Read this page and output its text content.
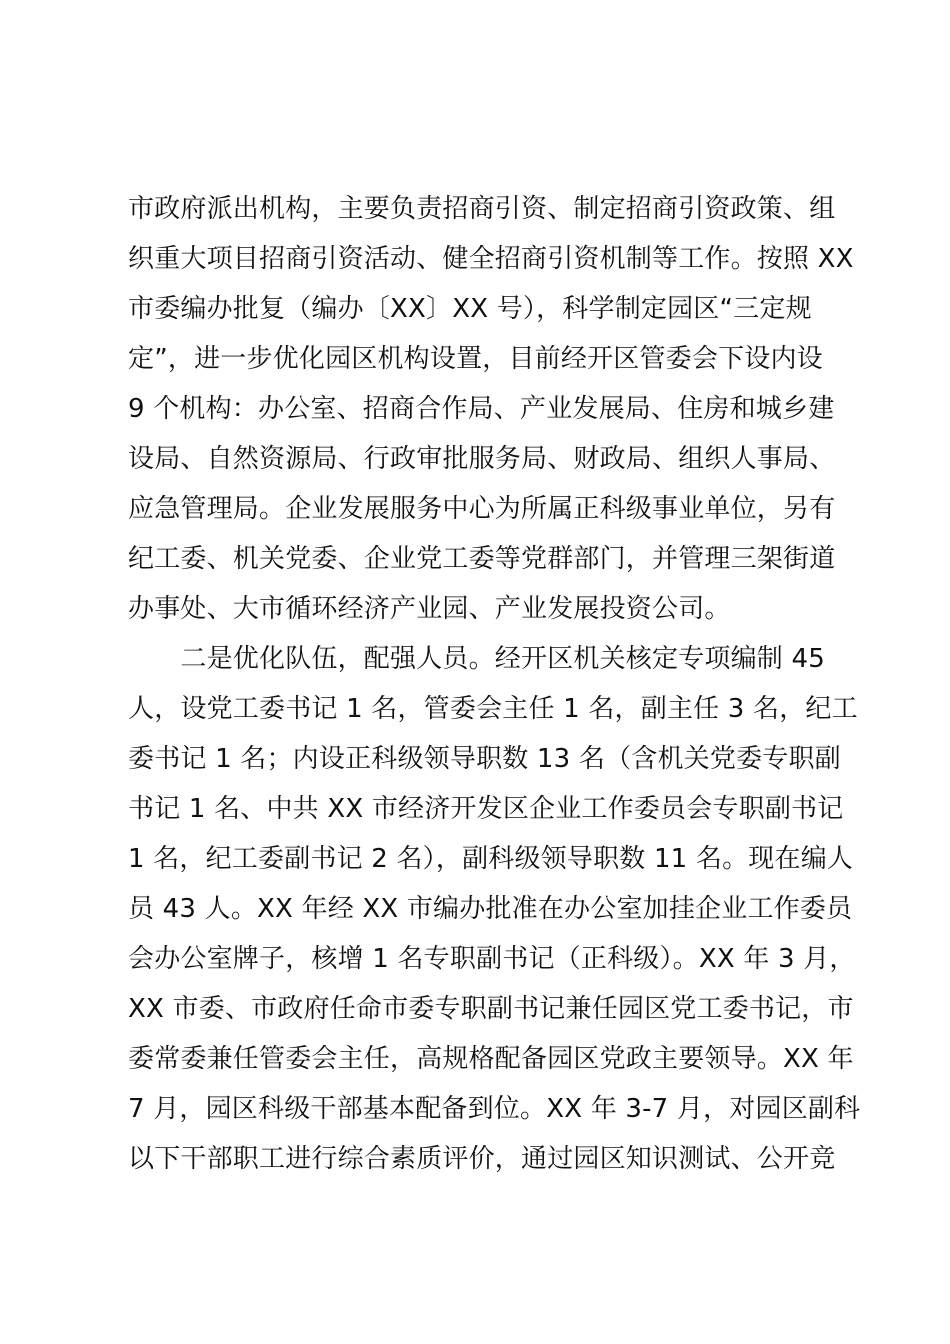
市政府派出机构，主要负责招商引资、制定招商引资政策、组
织重大项目招商引资活动、健全招商引资机制等工作。按照 XX
市委编办批复（编办〔XX〕XX 号），科学制定园区“三定规
定”，进一步优化园区机构设置，目前经开区管委会下设内设
9 个机构：办公室、招商合作局、产业发展局、住房和城乡建
设局、自然资源局、行政审批服务局、财政局、组织人事局、
应急管理局。企业发展服务中心为所属正科级事业单位，另有
纪工委、机关党委、企业党工委等党群部门，并管理三架街道
办事处、大市循环经济产业园、产业发展投资公司。
　　二是优化队伍，配强人员。经开区机关核定专项编制 45
人，设党工委书记 1 名，管委会主任 1 名，副主任 3 名，纪工
委书记 1 名；内设正科级领导职数 13 名（含机关党委专职副
书记 1 名、中共 XX 市经济开发区企业工作委员会专职副书记
1 名，纪工委副书记 2 名），副科级领导职数 11 名。现在编人
员 43 人。XX 年经 XX 市编办批准在办公室加挂企业工作委员
会办公室牌子，核增 1 名专职副书记（正科级）。XX 年 3 月，
XX 市委、市政府任命市委专职副书记兼任园区党工委书记，市
委常委兼任管委会主任，高规格配备园区党政主要领导。XX 年
7 月，园区科级干部基本配备到位。XX 年 3-7 月，对园区副科
以下干部职工进行综合素质评价，通过园区知识测试、公开竞
